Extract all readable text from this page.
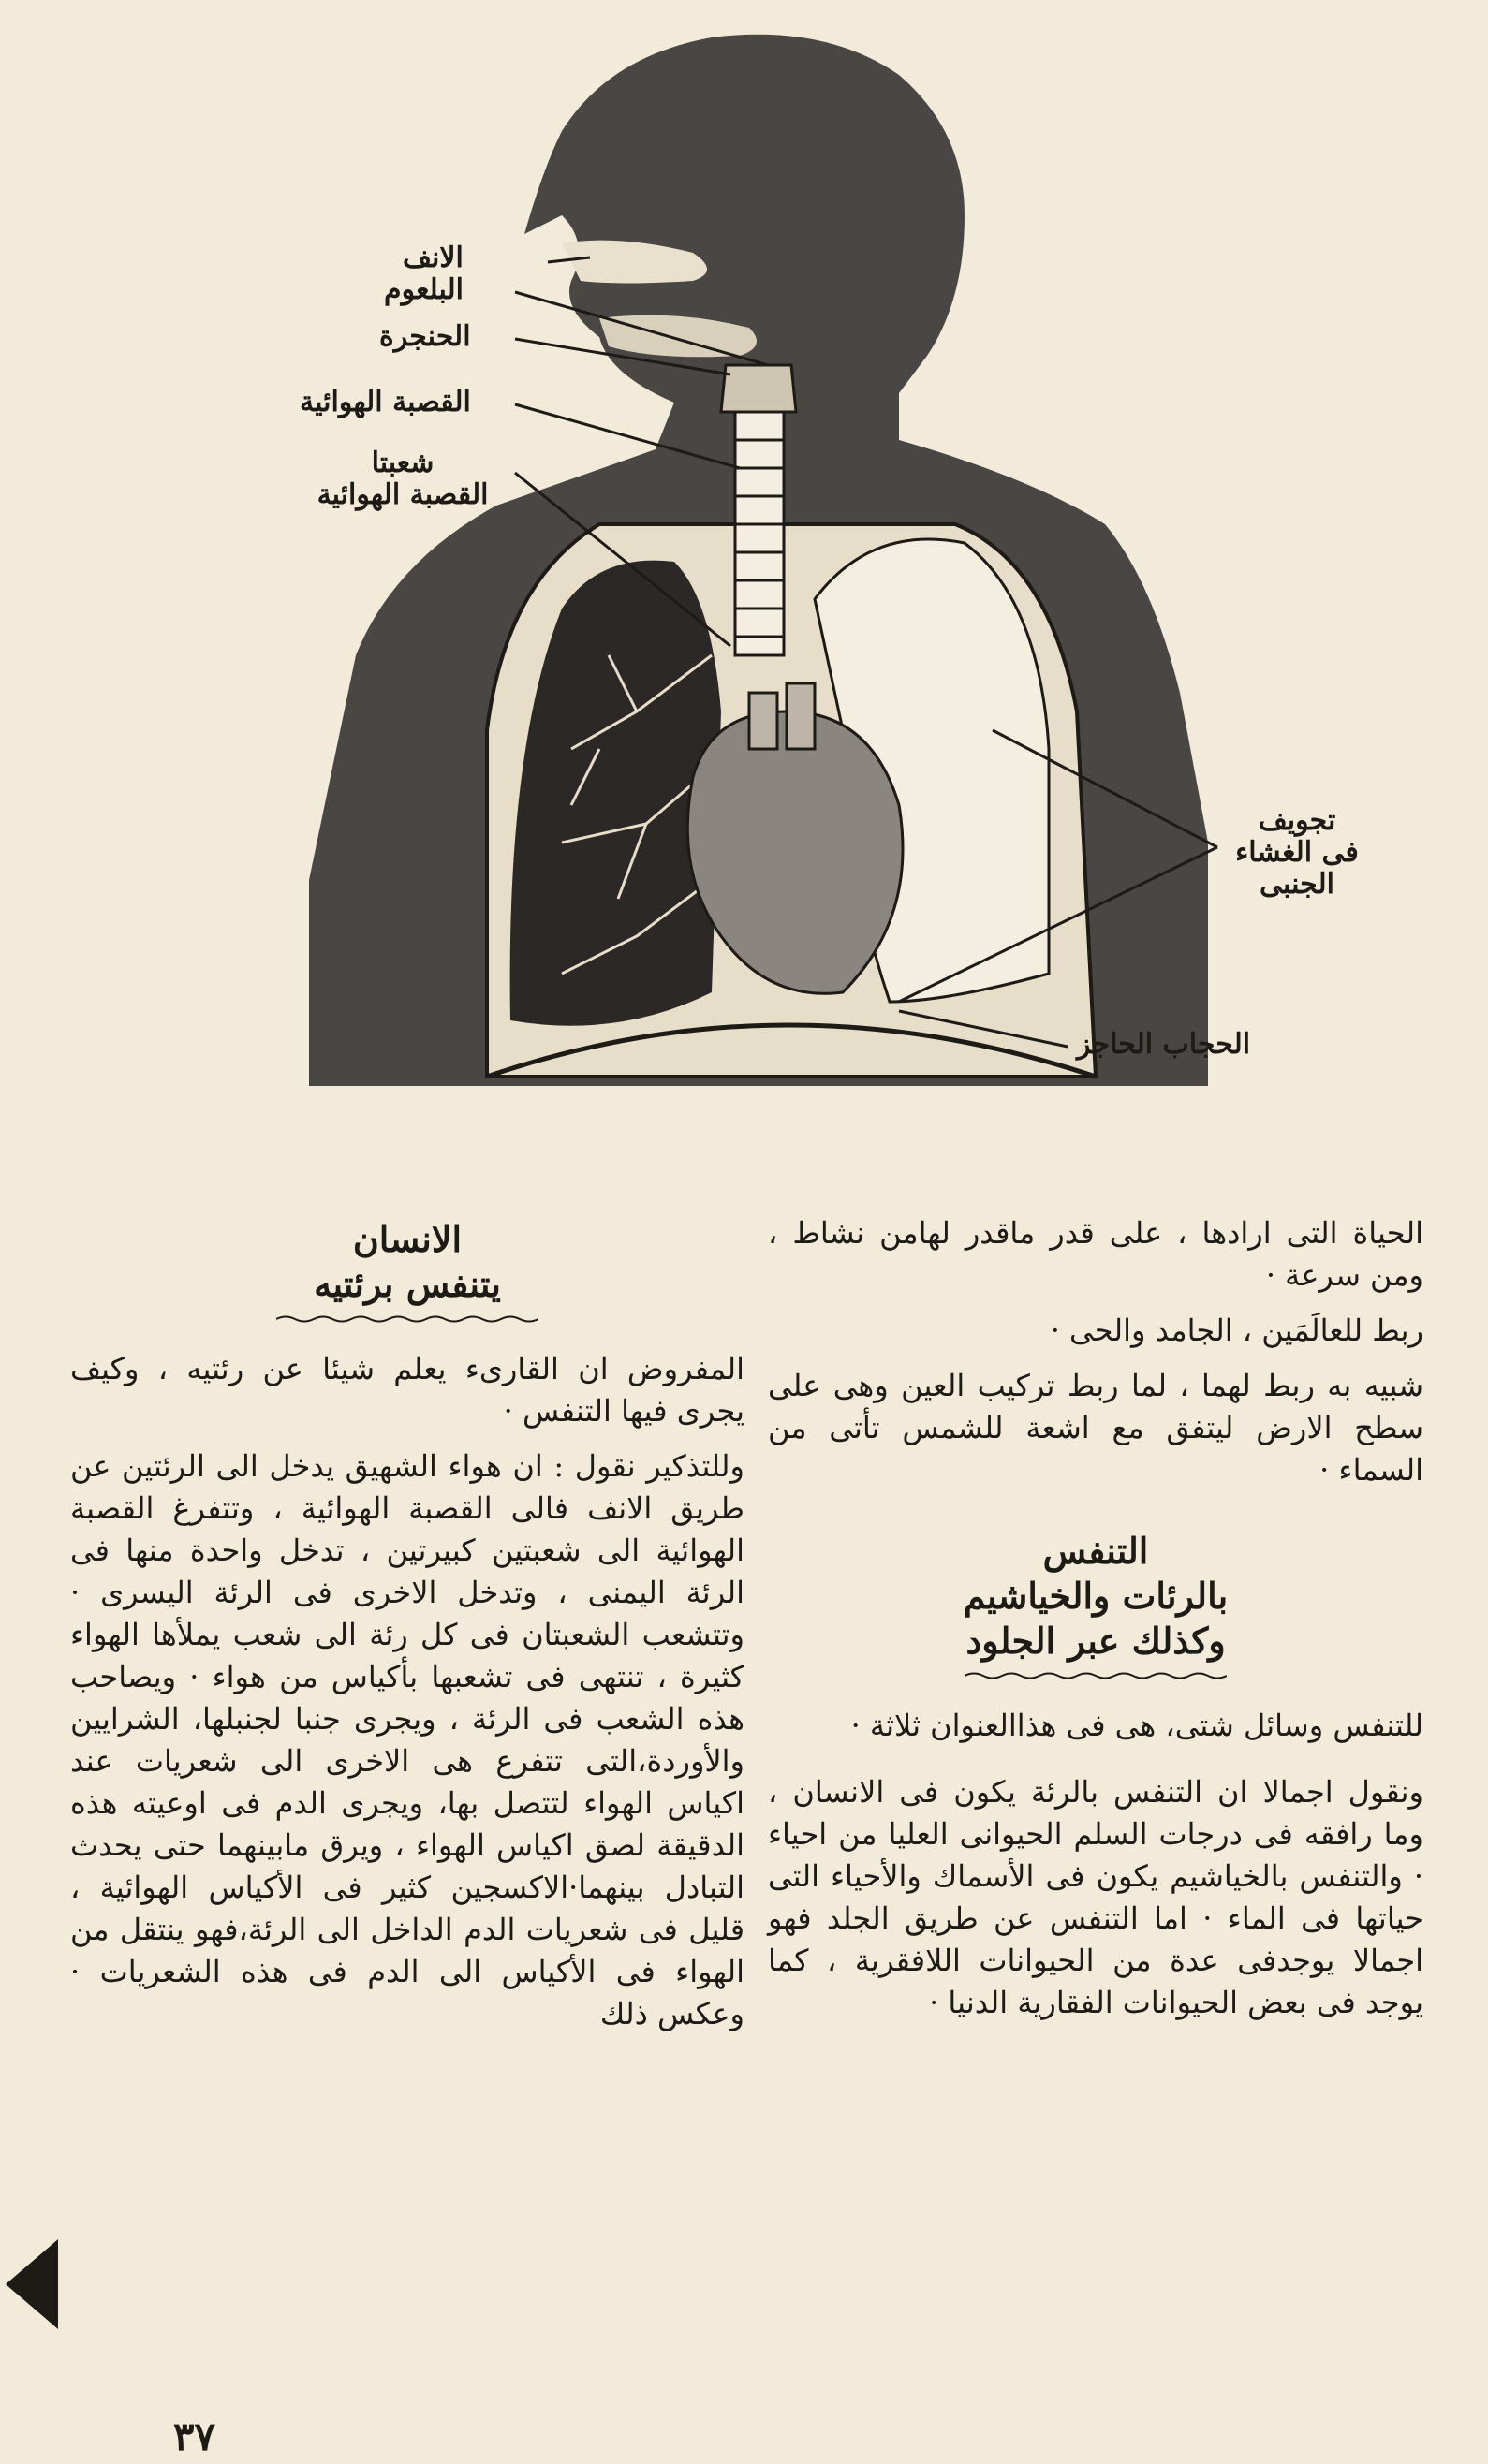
الانف
البلعوم
الحنجرة
القصبة الهوائية
شعبتا
القصبة الهوائية
تجويف
فى الغشاء
الجنبى
الحجاب الحاجز

الحياة التى ارادها ، على قدر ماقدر لهامن نشاط ، ومن سرعة ·

ربط للعالَمَين ، الجامد والحى ·

شبيه به ربط لهما ، لما ربط تركيب العين وهى على سطح الارض ليتفق مع اشعة للشمس تأتى من السماء ·

التنفس
بالرئات والخياشيم
وكذلك عبر الجلود

للتنفس وسائل شتى، هى فى هذاالعنوان ثلاثة ·

ونقول اجمالا ان التنفس بالرئة يكون فى الانسان ، وما رافقه فى درجات السلم الحيوانى العليا من احياء · والتنفس بالخياشيم يكون فى الأسماك والأحياء التى حياتها فى الماء · اما التنفس عن طريق الجلد فهو اجمالا يوجدفى عدة من الحيوانات اللافقرية ، كما يوجد فى بعض الحيوانات الفقارية الدنيا ·

الانسان
يتنفس برئتيه

المفروض ان القارىء يعلم شيئا عن رئتيه ، وكيف يجرى فيها التنفس ·

وللتذكير نقول : ان هواء الشهيق يدخل الى الرئتين عن طريق الانف فالى القصبة الهوائية ، وتتفرغ القصبة الهوائية الى شعبتين كبيرتين ، تدخل واحدة منها فى الرئة اليمنى ، وتدخل الاخرى فى الرئة اليسرى · وتتشعب الشعبتان فى كل رئة الى شعب يملأها الهواء كثيرة ، تنتهى فى تشعبها بأكياس من هواء · ويصاحب هذه الشعب فى الرئة ، ويجرى جنبا لجنبلها، الشرايين والأوردة،التى تتفرع هى الاخرى الى شعريات عند اكياس الهواء لتتصل بها، ويجرى الدم فى اوعيته هذه الدقيقة لصق اكياس الهواء ، ويرق مابينهما حتى يحدث التبادل بينهما·الاكسجين كثير فى الأكياس الهوائية ، قليل فى شعريات الدم الداخل الى الرئة،فهو ينتقل من الهواء فى الأكياس الى الدم فى هذه الشعريات · وعكس ذلك

٣٧
